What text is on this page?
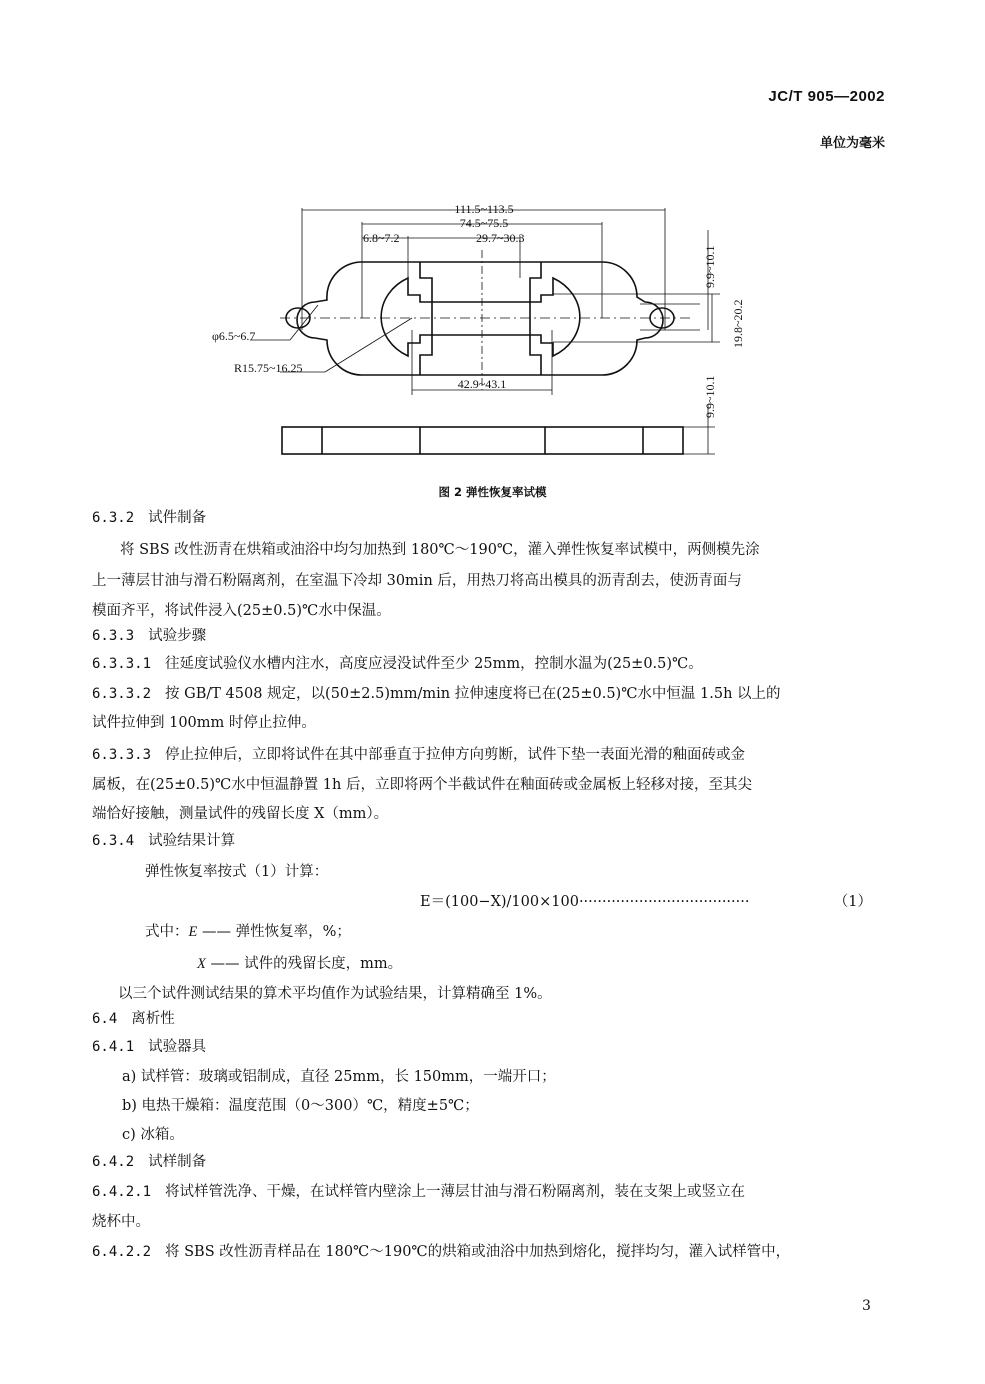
JC/T 905—2002
单位为毫米
111.5~113.5
74.5~75.5
6.8~7.2	29.7~30.3
42.9~43.1
φ6.5~6.7
R15.75~16.25
9.9~10.1
19.8~20.2
9.9~10.1
图 2 弹性恢复率试模
6.3.2 试件制备
将 SBS 改性沥青在烘箱或油浴中均匀加热到 180℃～190℃，灌入弹性恢复率试模中，两侧模先涂
上一薄层甘油与滑石粉隔离剂，在室温下冷却 30min 后，用热刀将高出模具的沥青刮去，使沥青面与
模面齐平，将试件浸入(25±0.5)℃水中保温。
6.3.3 试验步骤
6.3.3.1 往延度试验仪水槽内注水，高度应浸没试件至少 25mm，控制水温为(25±0.5)℃。
6.3.3.2 按 GB/T 4508 规定，以(50±2.5)mm/min 拉伸速度将已在(25±0.5)℃水中恒温 1.5h 以上的
试件拉伸到 100mm 时停止拉伸。
6.3.3.3 停止拉伸后，立即将试件在其中部垂直于拉伸方向剪断，试件下垫一表面光滑的釉面砖或金
属板，在(25±0.5)℃水中恒温静置 1h 后，立即将两个半截试件在釉面砖或金属板上轻移对接，至其尖
端恰好接触，测量试件的残留长度 X（mm）。
6.3.4 试验结果计算
弹性恢复率按式（1）计算：
E＝(100−X)/100×100·····································	（1）
式中：E —— 弹性恢复率，%；
X —— 试件的残留长度，mm。
以三个试件测试结果的算术平均值作为试验结果，计算精确至 1%。
6.4 离析性
6.4.1 试验器具
a) 试样管：玻璃或铝制成，直径 25mm，长 150mm，一端开口；
b) 电热干燥箱：温度范围（0～300）℃，精度±5℃；
c) 冰箱。
6.4.2 试样制备
6.4.2.1 将试样管洗净、干燥，在试样管内壁涂上一薄层甘油与滑石粉隔离剂，装在支架上或竖立在
烧杯中。
6.4.2.2 将 SBS 改性沥青样品在 180℃～190℃的烘箱或油浴中加热到熔化，搅拌均匀，灌入试样管中，
3
